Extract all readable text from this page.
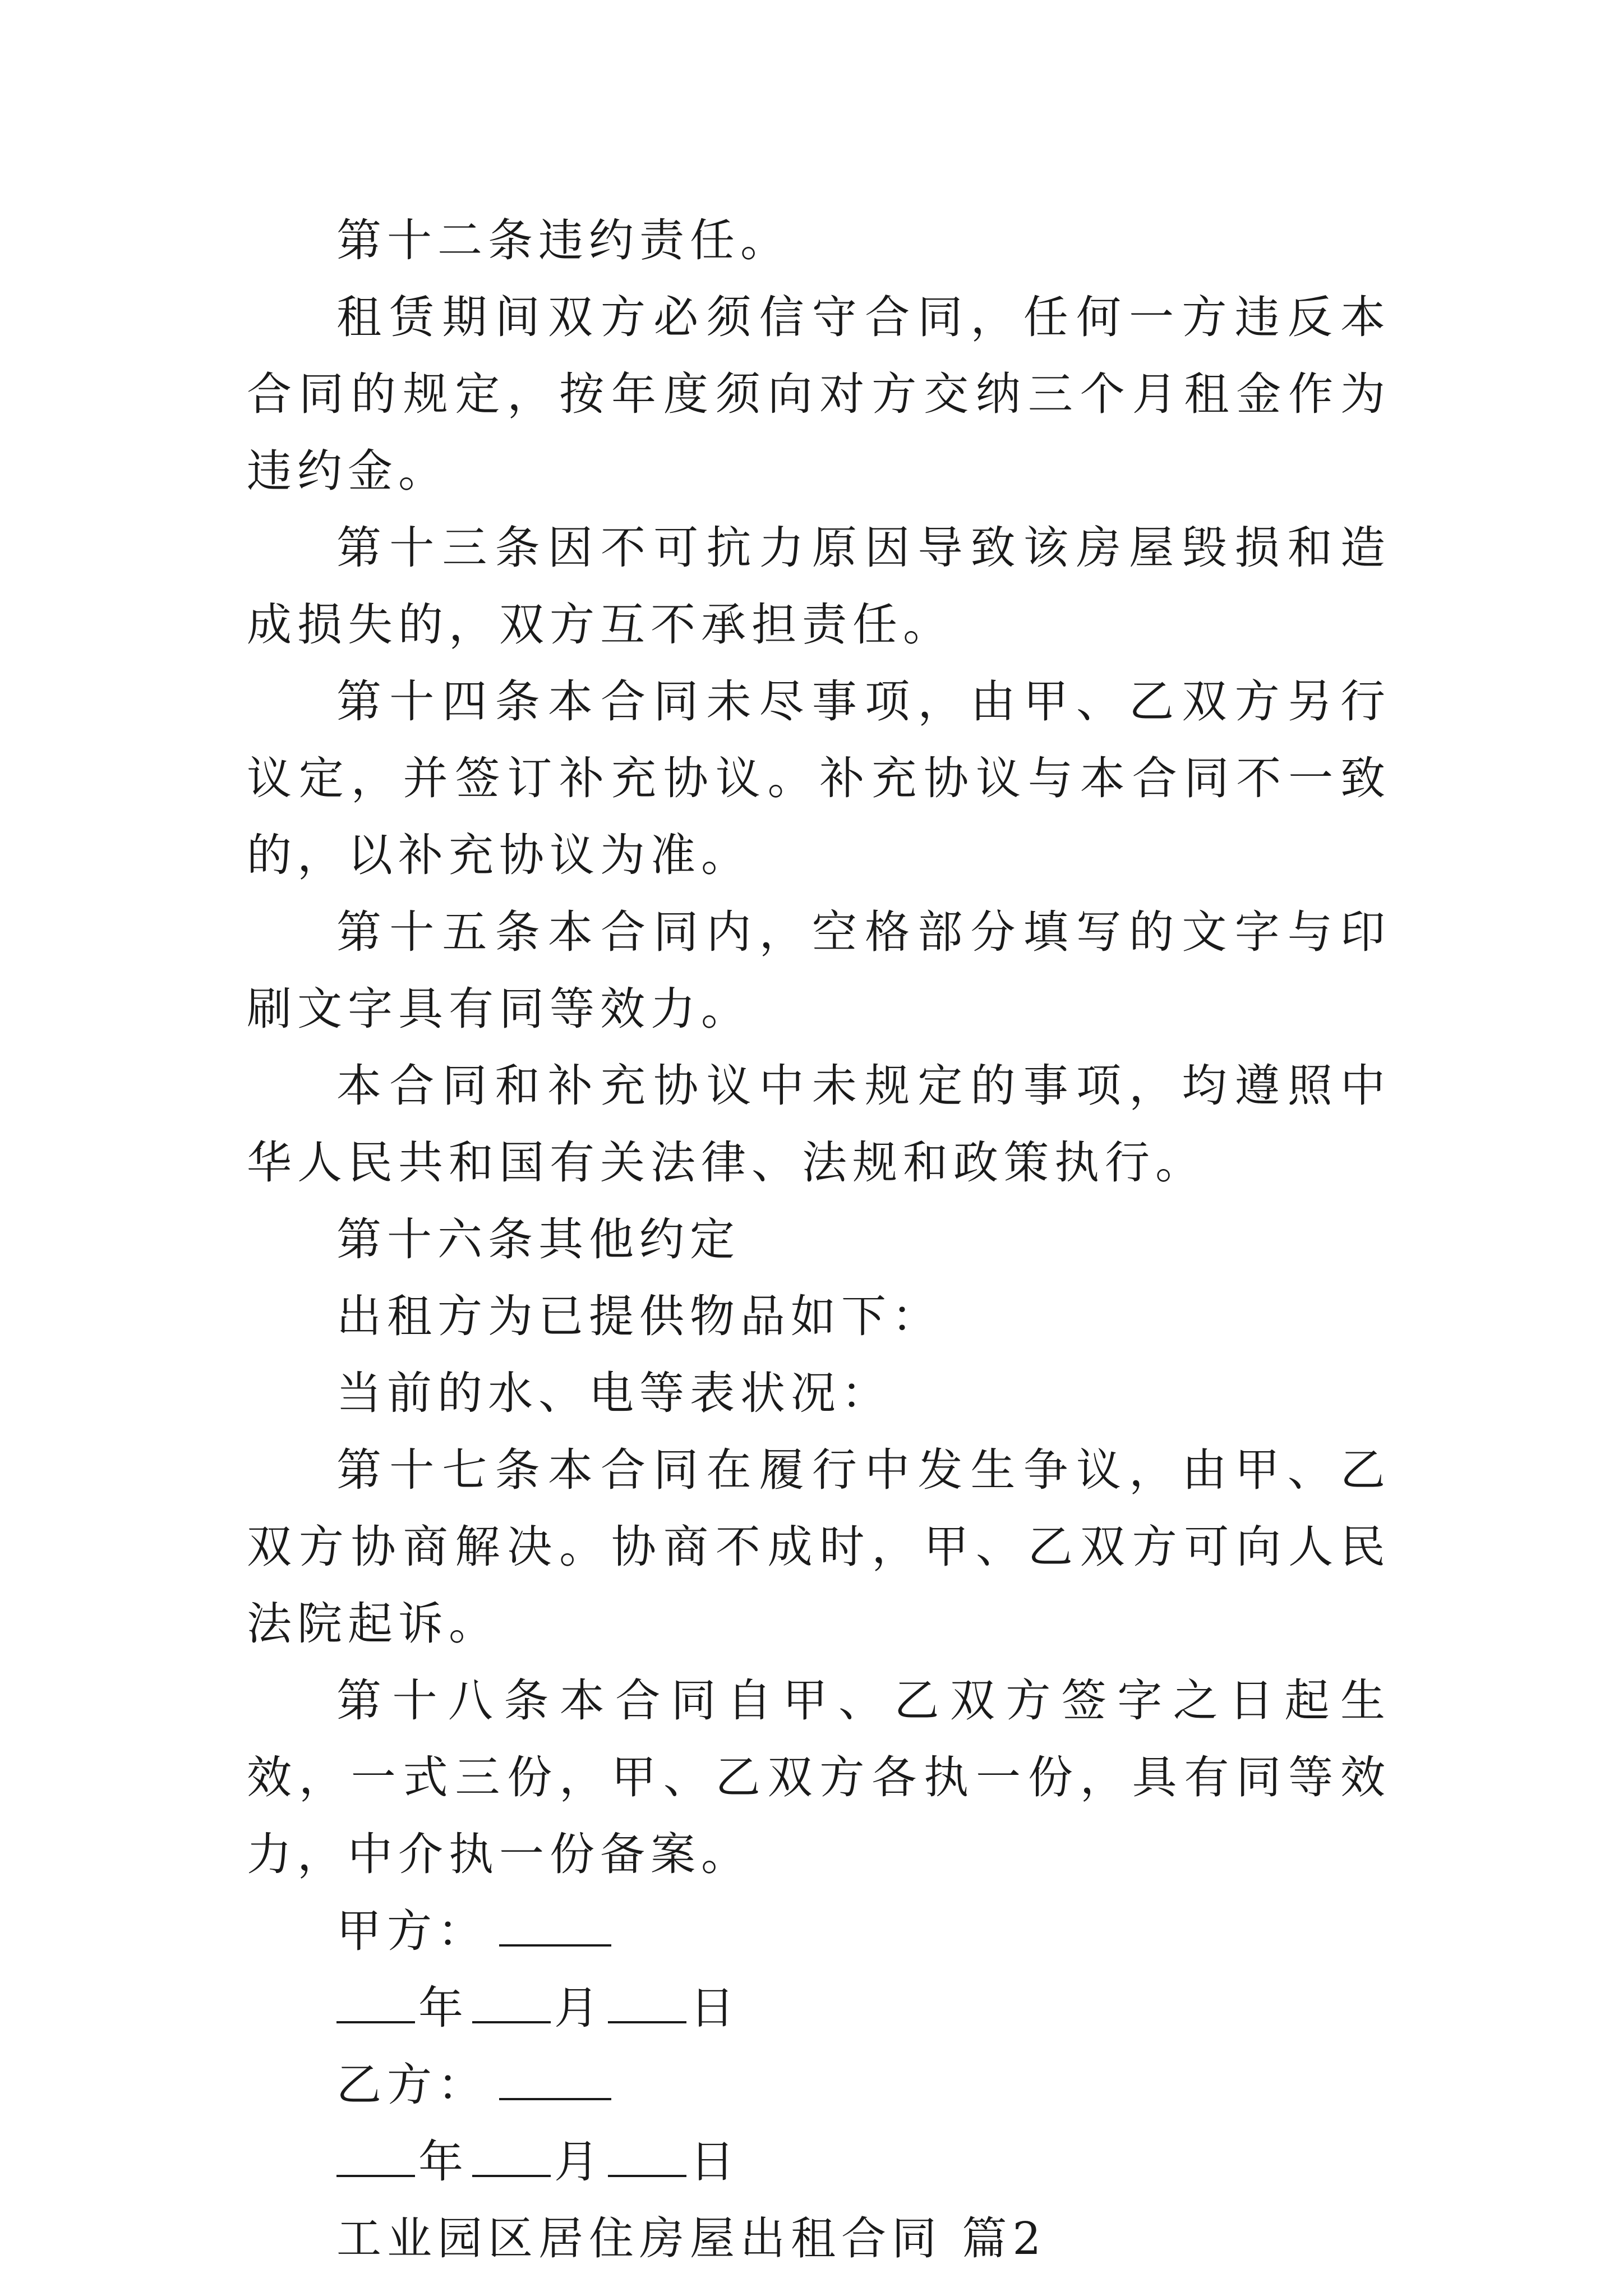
第十二条违约责任。

租赁期间双方必须信守合同，任何一方违反本合同的规定，按年度须向对方交纳三个月租金作为违约金。

第十三条因不可抗力原因导致该房屋毁损和造成损失的，双方互不承担责任。

第十四条本合同未尽事项，由甲、乙双方另行议定，并签订补充协议。补充协议与本合同不一致的，以补充协议为准。

第十五条本合同内，空格部分填写的文字与印刷文字具有同等效力。

本合同和补充协议中未规定的事项，均遵照中华人民共和国有关法律、法规和政策执行。

第十六条其他约定

出租方为已提供物品如下：

当前的水、电等表状况：

第十七条本合同在履行中发生争议，由甲、乙双方协商解决。协商不成时，甲、乙双方可向人民法院起诉。

第十八条本合同自甲、乙双方签字之日起生效，一式三份，甲、乙双方各执一份，具有同等效力，中介执一份备案。

甲方：

年 月 日

乙方：

年 月 日

工业园区居住房屋出租合同 篇2
